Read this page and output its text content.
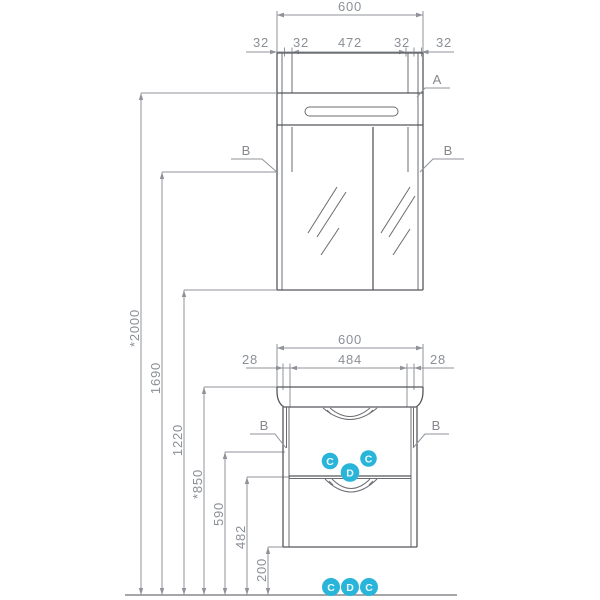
600
32 32 472 32 32
A
B	B
*2000
1690
1220
*850
590
482
200
600
28	484	28
B	B
C	C
D
C D C
